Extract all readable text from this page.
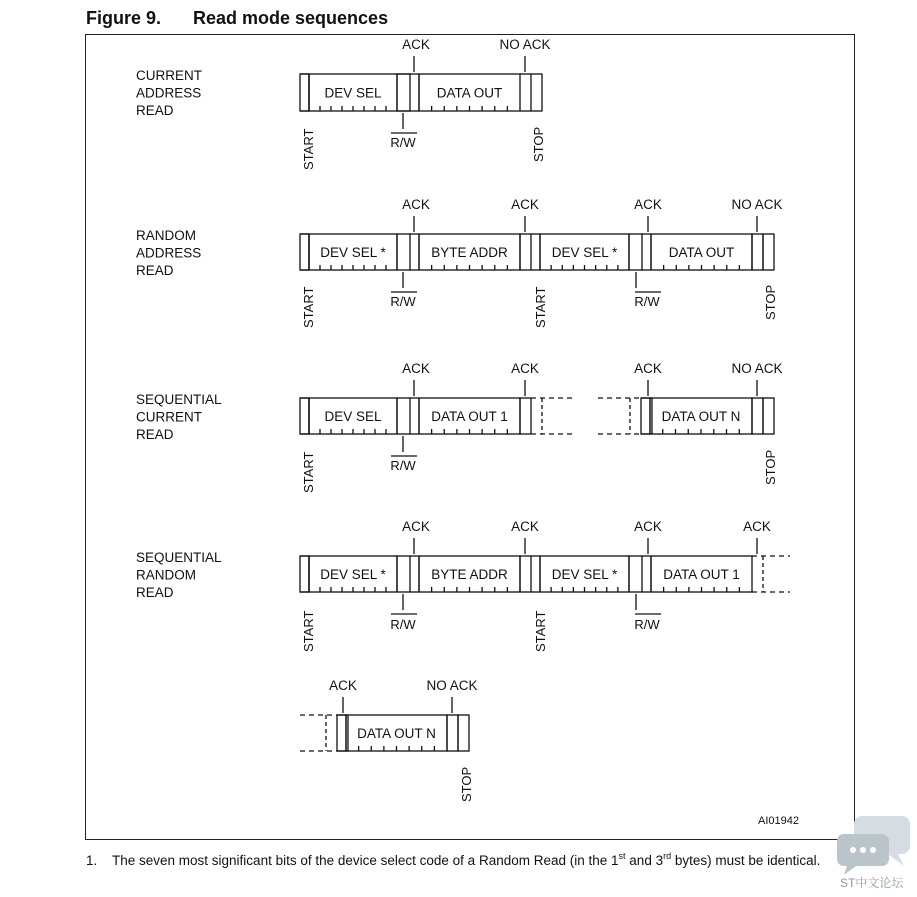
Figure 9. Read mode sequences
CURRENT
ADDRESS
READ
DEV SEL	DATA OUT
ACK	NO ACK
R/W
START	STOP
RANDOM
ADDRESS
READ
DEV SEL *	BYTE ADDR	DEV SEL *	DATA OUT
ACK	ACK	ACK	NO ACK
R/W	R/W
START	START	STOP
SEQUENTIAL
CURRENT
READ
DEV SEL	DATA OUT 1	DATA OUT N
ACK	ACK	ACK	NO ACK
R/W
START	STOP
SEQUENTIAL
RANDOM
READ
DEV SEL *	BYTE ADDR	DEV SEL *	DATA OUT 1
ACK	ACK	ACK	ACK
R/W	R/W
START	START
DATA OUT N
ACK	NO ACK
STOP
AI01942
1. The seven most significant bits of the device select code of a Random Read (in the 1st and 3rd bytes) must be identical.
ST中文论坛
